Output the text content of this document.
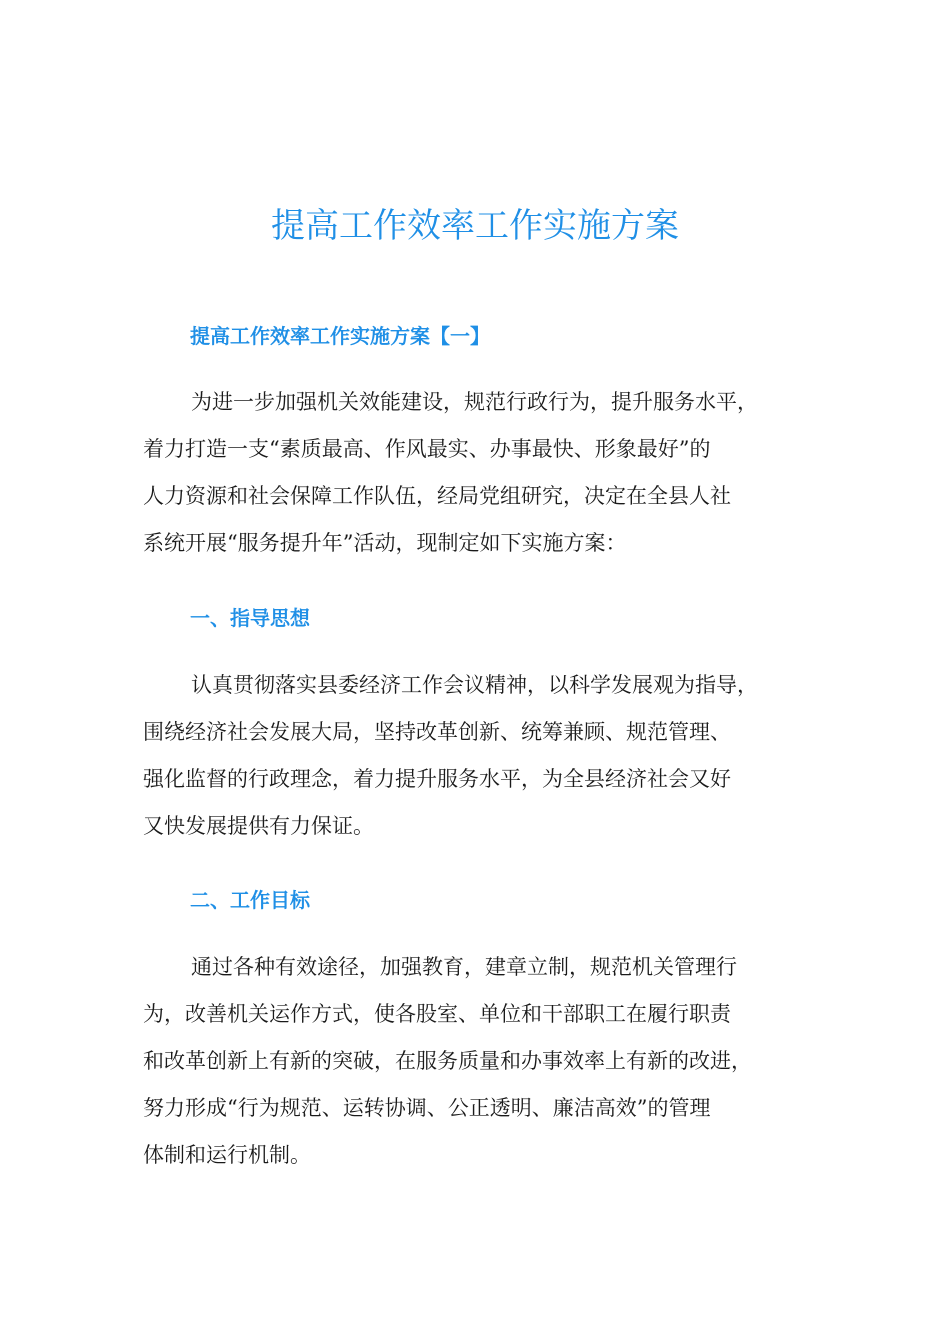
提高工作效率工作实施方案
提高工作效率工作实施方案【一】
为进一步加强机关效能建设，规范行政行为，提升服务水平，
着力打造一支“素质最高、作风最实、办事最快、形象最好”的
人力资源和社会保障工作队伍，经局党组研究，决定在全县人社
系统开展“服务提升年”活动，现制定如下实施方案：
一、指导思想
认真贯彻落实县委经济工作会议精神，以科学发展观为指导，
围绕经济社会发展大局，坚持改革创新、统筹兼顾、规范管理、
强化监督的行政理念，着力提升服务水平，为全县经济社会又好
又快发展提供有力保证。
二、工作目标
通过各种有效途径，加强教育，建章立制，规范机关管理行
为，改善机关运作方式，使各股室、单位和干部职工在履行职责
和改革创新上有新的突破，在服务质量和办事效率上有新的改进，
努力形成“行为规范、运转协调、公正透明、廉洁高效”的管理
体制和运行机制。
